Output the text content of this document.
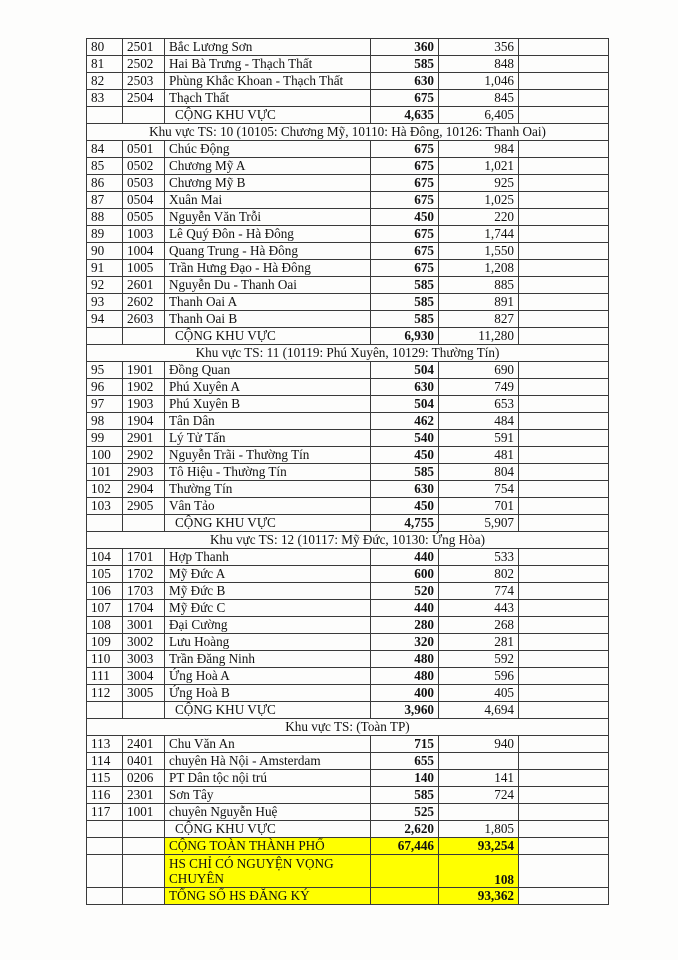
80	2501	Bắc Lương Sơn	360	356	
81	2502	Hai Bà Trưng - Thạch Thất	585	848	
82	2503	Phùng Khắc Khoan - Thạch Thất	630	1,046	
83	2504	Thạch Thất	675	845	
		CỘNG KHU VỰC	4,635	6,405	
Khu vực TS: 10 (10105: Chương Mỹ, 10110: Hà Đông, 10126: Thanh Oai)					
84	0501	Chúc Động	675	984	
85	0502	Chương Mỹ A	675	1,021	
86	0503	Chương Mỹ B	675	925	
87	0504	Xuân Mai	675	1,025	
88	0505	Nguyễn Văn Trỗi	450	220	
89	1003	Lê Quý Đôn - Hà Đông	675	1,744	
90	1004	Quang Trung - Hà Đông	675	1,550	
91	1005	Trần Hưng Đạo - Hà Đông	675	1,208	
92	2601	Nguyễn Du - Thanh Oai	585	885	
93	2602	Thanh Oai A	585	891	
94	2603	Thanh Oai B	585	827	
		CỘNG KHU VỰC	6,930	11,280	
Khu vực TS: 11 (10119: Phú Xuyên, 10129: Thường Tín)					
95	1901	Đồng Quan	504	690	
96	1902	Phú Xuyên A	630	749	
97	1903	Phú Xuyên B	504	653	
98	1904	Tân Dân	462	484	
99	2901	Lý Tử Tấn	540	591	
100	2902	Nguyễn Trãi - Thường Tín	450	481	
101	2903	Tô Hiệu - Thường Tín	585	804	
102	2904	Thường Tín	630	754	
103	2905	Vân Tảo	450	701	
		CỘNG KHU VỰC	4,755	5,907	
Khu vực TS: 12 (10117: Mỹ Đức, 10130: Ứng Hòa)					
104	1701	Hợp Thanh	440	533	
105	1702	Mỹ Đức A	600	802	
106	1703	Mỹ Đức B	520	774	
107	1704	Mỹ Đức C	440	443	
108	3001	Đại Cường	280	268	
109	3002	Lưu Hoàng	320	281	
110	3003	Trần Đăng Ninh	480	592	
111	3004	Ứng Hoà A	480	596	
112	3005	Ứng Hoà B	400	405	
		CỘNG KHU VỰC	3,960	4,694	
Khu vực TS: (Toàn TP)					
113	2401	Chu Văn An	715	940	
114	0401	chuyên Hà Nội - Amsterdam	655		
115	0206	PT Dân tộc nội trú	140	141	
116	2301	Sơn Tây	585	724	
117	1001	chuyên Nguyễn Huệ	525		
		CỘNG KHU VỰC	2,620	1,805	
		CỘNG TOÀN THÀNH PHỐ	67,446	93,254	
		HS CHỈ CÓ NGUYỆN VỌNG CHUYÊN		108	
		TỔNG SỐ HS ĐĂNG KÝ		93,362	
